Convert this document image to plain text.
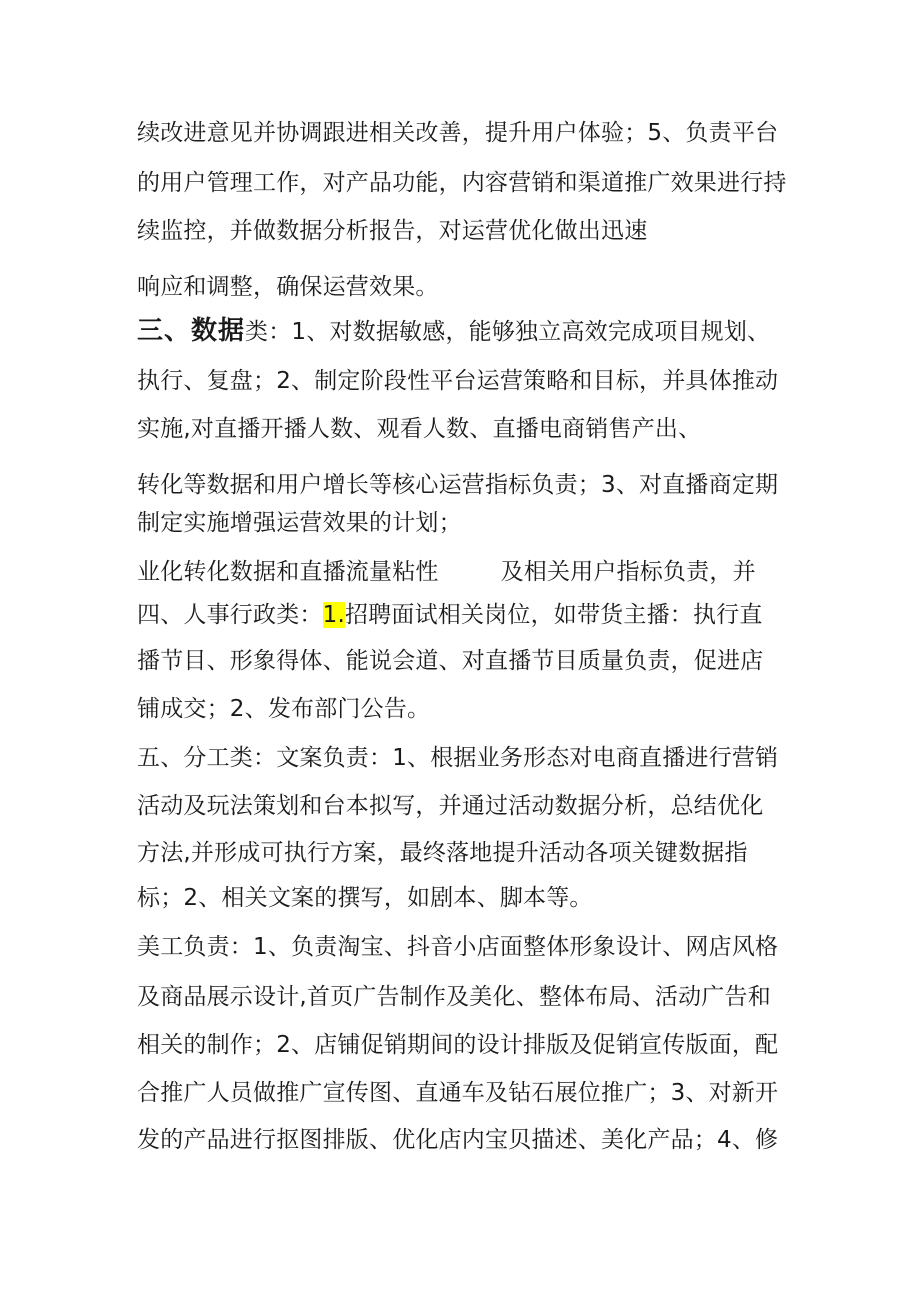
续改进意见并协调跟进相关改善，提升用户体验；5、负责平台
的用户管理工作，对产品功能，内容营销和渠道推广效果进行持
续监控，并做数据分析报告，对运营优化做出迅速
响应和调整，确保运营效果。
三、数据类：1、对数据敏感，能够独立高效完成项目规划、
执行、复盘；2、制定阶段性平台运营策略和目标，并具体推动
实施,对直播开播人数、观看人数、直播电商销售产出、
转化等数据和用户增长等核心运营指标负责；3、对直播商定期
制定实施增强运营效果的计划；
业化转化数据和直播流量粘性	及相关用户指标负责，并
四、人事行政类：1.招聘面试相关岗位，如带货主播：执行直
播节目、形象得体、能说会道、对直播节目质量负责，促进店
铺成交；2、发布部门公告。
五、分工类：文案负责：1、根据业务形态对电商直播进行营销
活动及玩法策划和台本拟写，并通过活动数据分析，总结优化
方法,并形成可执行方案，最终落地提升活动各项关键数据指
标；2、相关文案的撰写，如剧本、脚本等。
美工负责：1、负责淘宝、抖音小店面整体形象设计、网店风格
及商品展示设计,首页广告制作及美化、整体布局、活动广告和
相关的制作；2、店铺促销期间的设计排版及促销宣传版面，配
合推广人员做推广宣传图、直通车及钻石展位推广；3、对新开
发的产品进行抠图排版、优化店内宝贝描述、美化产品；4、修
